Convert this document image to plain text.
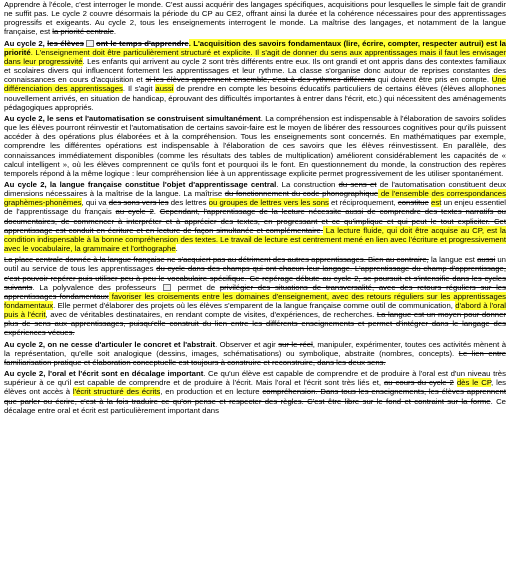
Apprendre à l'école, c'est interroger le monde. C'est aussi acquérir des langages spécifiques, acquisitions pour lesquelles le simple fait de grandir ne suffit pas. Le cycle 2 couvre désormais la période du CP au CE2, offrant ainsi la durée et la cohérence nécessaires pour des apprentissages progressifs et exigeants. Au cycle 2, tous les enseignements interrogent le monde. La maîtrise des langages, et notamment de la langue française, est la priorité centrale.

Au cycle 2, les élèves ont le temps d'apprendre. L'acquisition des savoirs fondamentaux (lire, écrire, compter, respecter autrui) est la priorité. L'enseignement doit être particulièrement structuré et explicite. Il s'agit de donner du sens aux apprentissages mais il faut les envisager dans leur progressivité. Les enfants qui arrivent au cycle 2 sont très différents entre eux. Ils ont grandi et ont appris dans des contextes familiaux et scolaires divers qui influencent fortement les apprentissages et leur rythme. La classe s'organise donc autour de reprises constantes des connaissances en cours d'acquisition et si les élèves apprennent ensemble, c'est à des rythmes différents qui doivent être pris en compte. Une différenciation des apprentissages. Il s'agit aussi de prendre en compte les besoins éducatifs particuliers de certains élèves (élèves allophones nouvellement arrivés, en situation de handicap, éprouvant des difficultés importantes à entrer dans l'écrit, etc.) qui nécessitent des aménagements pédagogiques appropriés.

Au cycle 2, le sens et l'automatisation se construisent simultanément. La compréhension est indispensable à l'élaboration de savoirs solides que les élèves pourront réinvestir et l'automatisation de certains savoir-faire est le moyen de libérer des ressources cognitives pour qu'ils puissent accéder à des opérations plus élaborées et à la compréhension. Tous les enseignements sont concernés. En mathématiques par exemple, comprendre les différentes opérations est indispensable à l'élaboration de ces savoirs que les élèves réinvestissent. En parallèle, des connaissances immédiatement disponibles (comme les résultats des tables de multiplication) améliorent considérablement les capacités de « calcul intelligent », où les élèves comprennent ce qu'ils font et pourquoi ils le font. En questionnement du monde, la construction des repères temporels répond à la même logique : leur compréhension liée à un apprentissage explicite permet progressivement de les utiliser spontanément.

Au cycle 2, la langue française constitue l'objet d'apprentissage central. La construction du sens et de l'automatisation constituent deux dimensions nécessaires à la maîtrise de la langue. La maîtrise du fonctionnement du code phonographique de l'ensemble des correspondances graphèmes-phonèmes, qui va des sons vers les des lettres ou groupes de lettres vers les sons et réciproquement, constitue est un enjeu essentiel de l'apprentissage du français au cycle 2. Cependant, l'apprentissage de la lecture nécessite aussi de comprendre des textes narratifs ou documentaires, de commencer à interpréter et à apprécier des textes, en progressant et ce qu'implique et qui peut le tout expliciter. Cet apprentissage est conduit en écriture et en lecture de façon simultanée et complémentaire. La lecture fluide, qui doit être acquise au CP, est la condition indispensable à la bonne compréhension des textes. Le travail de lecture est centrement mené en lien avec l'écriture et progressivement avec le vocabulaire, la grammaire et l'orthographe.

La place centrale donnée à la langue française ne s'acquiert pas au détriment des autres apprentissages. Bien au contraire, la langue est aussi un outil au service de tous les apprentissages du cycle dans des champs qui ont chacun leur langage. L'apprentissage du champ d'apprentissage, c'est pouvoir repérer puis utiliser peu à peu le vocabulaire spécifique. Ce repérage débute au cycle 2, se poursuit et s'intensifie dans les cycles suivants. La polyvalence des professeurs  permet de privilégier des situations de transversalité, avec des retours réguliers sur les apprentissages fondamentaux favoriser les croisements entre les domaines d'enseignement, avec des retours réguliers sur les apprentissages fondamentaux. Elle permet d'élaborer des projets où les élèves s'emparent de la langue française comme outil de communication, d'abord à l'oral puis à l'écrit, avec de véritables destinataires, en rendant compte de visites, d'expériences, de recherches. La langue est un moyen pour donner plus de sens aux apprentissages, puisqu'elle construit du lien entre les différents enseignements et permet d'intégrer dans le langage des expériences vécues.

Au cycle 2, on ne cesse d'articuler le concret et l'abstrait. Observer et agir sur le réel, manipuler, expérimenter, toutes ces activités mènent à la représentation, qu'elle soit analogique (dessins, images, schématisations) ou symbolique, abstraite (nombres, concepts). Le lien entre familiarisation pratique et élaboration conceptuelle est toujours à construire et reconstruire, dans les deux sens.

Au cycle 2, l'oral et l'écrit sont en décalage important. Ce qu'un élève est capable de comprendre et de produire à l'oral est d'un niveau très supérieur à ce qu'il est capable de comprendre et de produire à l'écrit. Mais l'oral et l'écrit sont très liés et, au cours du cycle 2 dès le CP, les élèves ont accès à l'écrit structuré des écrits, en production et en lecture compréhension. Dans tous les enseignements, les élèves apprennent que parler ou écrire, c'est à la fois traduire ce qu'on pense et respecter des règles. C'est être libre sur le fond et contraint sur la forme. Ce décalage entre oral et écrit est particulièrement important dans
